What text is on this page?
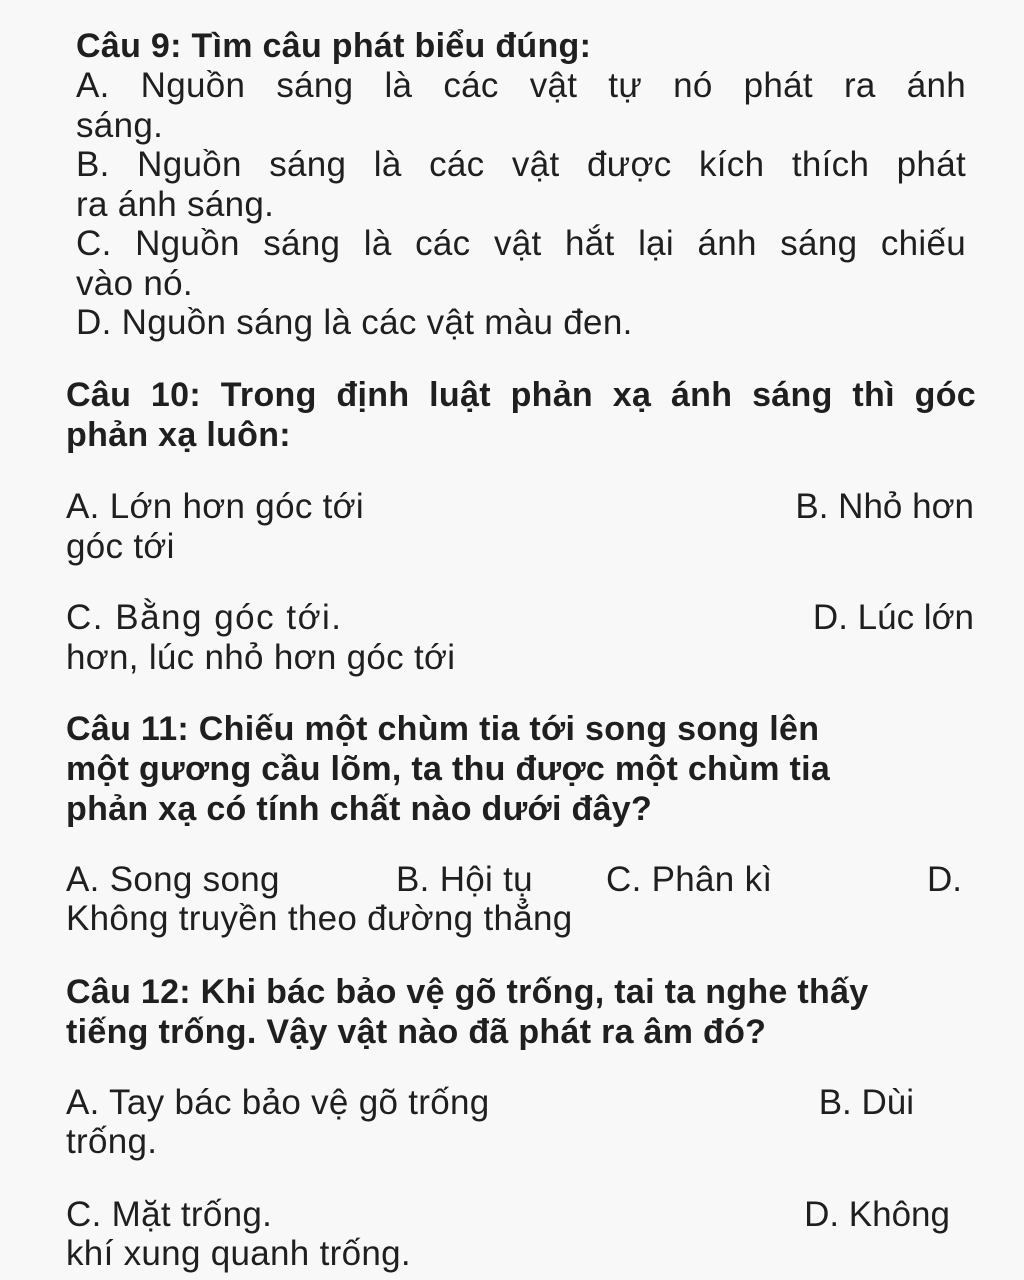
Câu 9: Tìm câu phát biểu đúng:
A. Nguồn sáng là các vật tự nó phát ra ánh
sáng.
B. Nguồn sáng là các vật được kích thích phát
ra ánh sáng.
C. Nguồn sáng là các vật hắt lại ánh sáng chiếu
vào nó.
D. Nguồn sáng là các vật màu đen.
Câu 10: Trong định luật phản xạ ánh sáng thì góc
phản xạ luôn:
A. Lớn hơn góc tới	B. Nhỏ hơn
góc tới
C. Bằng góc tới.	D. Lúc lớn
hơn, lúc nhỏ hơn góc tới
Câu 11: Chiếu một chùm tia tới song song lên
một gương cầu lõm, ta thu được một chùm tia
phản xạ có tính chất nào dưới đây?
A. Song song	B. Hội tụ C. Phân kì	D.
Không truyền theo đường thẳng
Câu 12: Khi bác bảo vệ gõ trống, tai ta nghe thấy
tiếng trống. Vậy vật nào đã phát ra âm đó?
A. Tay bác bảo vệ gõ trống	B. Dùi
trống.
C. Mặt trống.	D. Không
khí xung quanh trống.
